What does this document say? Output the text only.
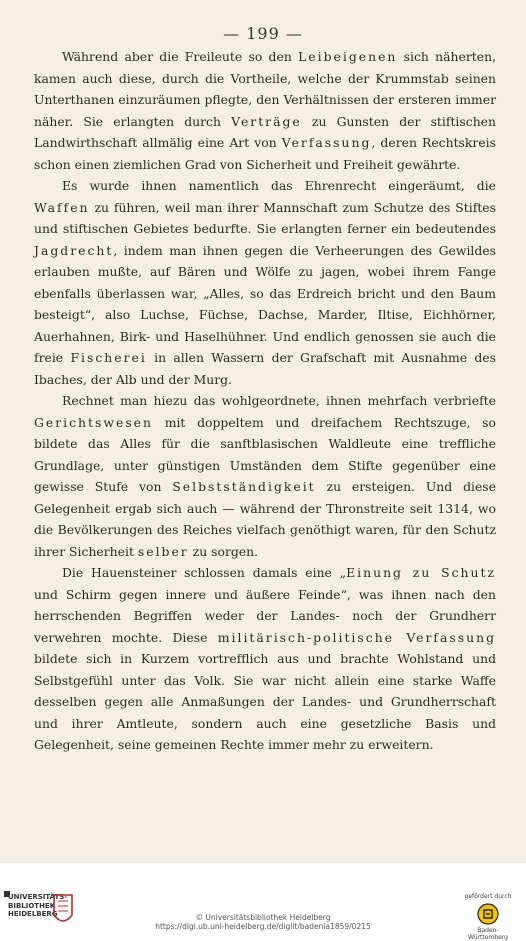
— 199 —

Während aber die Freileute so den Leibeigenen sich näherten, kamen auch diese, durch die Vortheile, welche der Krummstab seinen Unterthanen einzuräumen pflegte, den Verhältnissen der ersteren immer näher. Sie erlangten durch Verträge zu Gunsten der stiftischen Landwirthschaft allmälig eine Art von Verfassung, deren Rechtskreis schon einen ziemlichen Grad von Sicherheit und Freiheit gewährte.

Es wurde ihnen namentlich das Ehrenrecht eingeräumt, die Waffen zu führen, weil man ihrer Mannschaft zum Schutze des Stiftes und stiftischen Gebietes bedurfte. Sie erlangten ferner ein bedeutendes Jagdrecht, indem man ihnen gegen die Verheerungen des Gewildes erlauben mußte, auf Bären und Wölfe zu jagen, wobei ihrem Fange ebenfalls überlassen war, „Alles, so das Erdreich bricht und den Baum besteigt“, also Luchse, Füchse, Dachse, Marder, Iltise, Eichhörner, Auerhahnen, Birk- und Haselhühner. Und endlich genossen sie auch die freie Fischerei in allen Wassern der Grafschaft mit Ausnahme des Ibaches, der Alb und der Murg.

Rechnet man hiezu das wohlgeordnete, ihnen mehrfach verbriefte Gerichtswesen mit doppeltem und dreifachem Rechtszuge, so bildete das Alles für die sanftblasischen Waldleute eine treffliche Grundlage, unter günstigen Umständen dem Stifte gegenüber eine gewisse Stufe von Selbstständigkeit zu ersteigen. Und diese Gelegenheit ergab sich auch — während der Thronstreite seit 1314, wo die Bevölkerungen des Reiches vielfach genöthigt waren, für den Schutz ihrer Sicherheit selber zu sorgen.

Die Hauensteiner schlossen damals eine „Einung zu Schutz und Schirm gegen innere und äußere Feinde“, was ihnen nach den herrschenden Begriffen weder der Landes- noch der Grundherr verwehren mochte. Diese militärisch-politische Verfassung bildete sich in Kurzem vortrefflich aus und brachte Wohlstand und Selbstgefühl unter das Volk. Sie war nicht allein eine starke Waffe desselben gegen alle Anmaßungen der Landes- und Grundherrschaft und ihrer Amtleute, sondern auch eine gesetzliche Basis und Gelegenheit, seine gemeinen Rechte immer mehr zu erweitern.

UNIVERSITÄTS-
BIBLIOTHEK
HEIDELBERG	© Universitätsbibliothek Heidelberg
https://digi.ub.uni-heidelberg.de/diglit/badenia1859/0215
gefördert durch
Baden-Württemberg
